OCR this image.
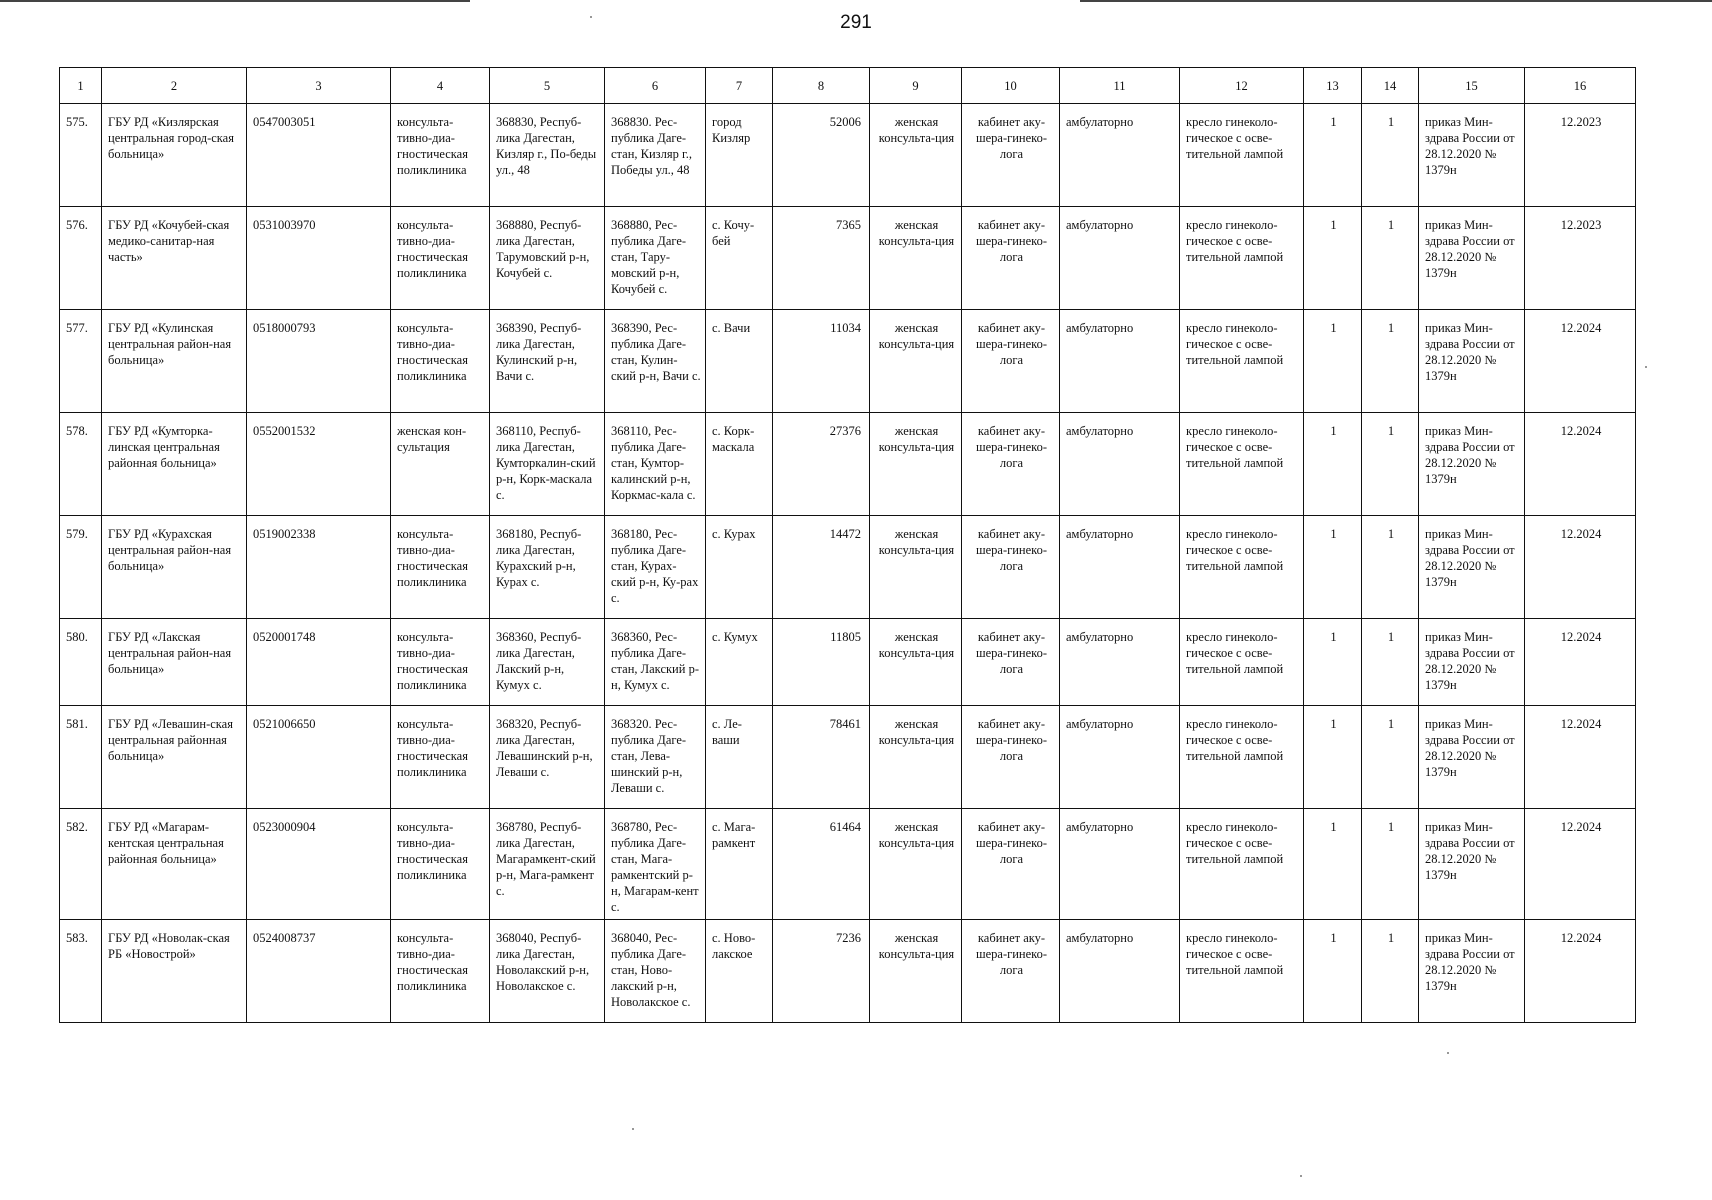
291
1	2	3	4	5	6	7	8	9	10	11	12	13	14	15	16
575.	ГБУ РД «Кизлярская центральная город-ская больница»	0547003051	консульта-тивно-диа-гностическая поликлиника	368830, Респуб-лика Дагестан, Кизляр г., По-беды ул., 48	368830. Рес-публика Даге-стан, Кизляр г., Победы ул., 48	город Кизляр	52006	женская консульта-ция	кабинет аку-шера-гинеко-лога	амбулаторно	кресло гинеколо-гическое с осве-тительной лампой	1	1	приказ Мин-здрава России от 28.12.2020 № 1379н	12.2023
576.	ГБУ РД «Кочубей-ская медико-санитар-ная часть»	0531003970	консульта-тивно-диа-гностическая поликлиника	368880, Респуб-лика Дагестан, Тарумовский р-н, Кочубей с.	368880, Рес-публика Даге-стан, Тару-мовский р-н, Кочубей с.	с. Кочу-бей	7365	женская консульта-ция	кабинет аку-шера-гинеко-лога	амбулаторно	кресло гинеколо-гическое с осве-тительной лампой	1	1	приказ Мин-здрава России от 28.12.2020 № 1379н	12.2023
577.	ГБУ РД «Кулинская центральная район-ная больница»	0518000793	консульта-тивно-диа-гностическая поликлиника	368390, Респуб-лика Дагестан, Кулинский р-н, Вачи с.	368390, Рес-публика Даге-стан, Кулин-ский р-н, Вачи с.	с. Вачи	11034	женская консульта-ция	кабинет аку-шера-гинеко-лога	амбулаторно	кресло гинеколо-гическое с осве-тительной лампой	1	1	приказ Мин-здрава России от 28.12.2020 № 1379н	12.2024
578.	ГБУ РД «Кумторка-линская центральная районная больница»	0552001532	женская кон-сультация	368110, Респуб-лика Дагестан, Кумторкалин-ский р-н, Корк-маскала с.	368110, Рес-публика Даге-стан, Кумтор-калинский р-н, Коркмас-кала с.	с. Корк-маскала	27376	женская консульта-ция	кабинет аку-шера-гинеко-лога	амбулаторно	кресло гинеколо-гическое с осве-тительной лампой	1	1	приказ Мин-здрава России от 28.12.2020 № 1379н	12.2024
579.	ГБУ РД «Курахская центральная район-ная больница»	0519002338	консульта-тивно-диа-гностическая поликлиника	368180, Респуб-лика Дагестан, Курахский р-н, Курах с.	368180, Рес-публика Даге-стан, Курах-ский р-н, Ку-рах с.	с. Курах	14472	женская консульта-ция	кабинет аку-шера-гинеко-лога	амбулаторно	кресло гинеколо-гическое с осве-тительной лампой	1	1	приказ Мин-здрава России от 28.12.2020 № 1379н	12.2024
580.	ГБУ РД «Лакская центральная район-ная больница»	0520001748	консульта-тивно-диа-гностическая поликлиника	368360, Респуб-лика Дагестан, Лакский р-н, Кумух с.	368360, Рес-публика Даге-стан, Лакский р-н, Кумух с.	с. Кумух	11805	женская консульта-ция	кабинет аку-шера-гинеко-лога	амбулаторно	кресло гинеколо-гическое с осве-тительной лампой	1	1	приказ Мин-здрава России от 28.12.2020 № 1379н	12.2024
581.	ГБУ РД «Левашин-ская центральная районная больница»	0521006650	консульта-тивно-диа-гностическая поликлиника	368320, Респуб-лика Дагестан, Левашинский р-н, Леваши с.	368320. Рес-публика Даге-стан, Лева-шинский р-н, Леваши с.	с. Ле-ваши	78461	женская консульта-ция	кабинет аку-шера-гинеко-лога	амбулаторно	кресло гинеколо-гическое с осве-тительной лампой	1	1	приказ Мин-здрава России от 28.12.2020 № 1379н	12.2024
582.	ГБУ РД «Магарам-кентская центральная районная больница»	0523000904	консульта-тивно-диа-гностическая поликлиника	368780, Респуб-лика Дагестан, Магарамкент-ский р-н, Мага-рамкент с.	368780, Рес-публика Даге-стан, Мага-рамкентский р-н, Магарам-кент с.	с. Мага-рамкент	61464	женская консульта-ция	кабинет аку-шера-гинеко-лога	амбулаторно	кресло гинеколо-гическое с осве-тительной лампой	1	1	приказ Мин-здрава России от 28.12.2020 № 1379н	12.2024
583.	ГБУ РД «Новолак-ская РБ «Новострой»	0524008737	консульта-тивно-диа-гностическая поликлиника	368040, Респуб-лика Дагестан, Новолакский р-н, Новолакское с.	368040, Рес-публика Даге-стан, Ново-лакский р-н, Новолакское с.	с. Ново-лакское	7236	женская консульта-ция	кабинет аку-шера-гинеко-лога	амбулаторно	кресло гинеколо-гическое с осве-тительной лампой	1	1	приказ Мин-здрава России от 28.12.2020 № 1379н	12.2024
